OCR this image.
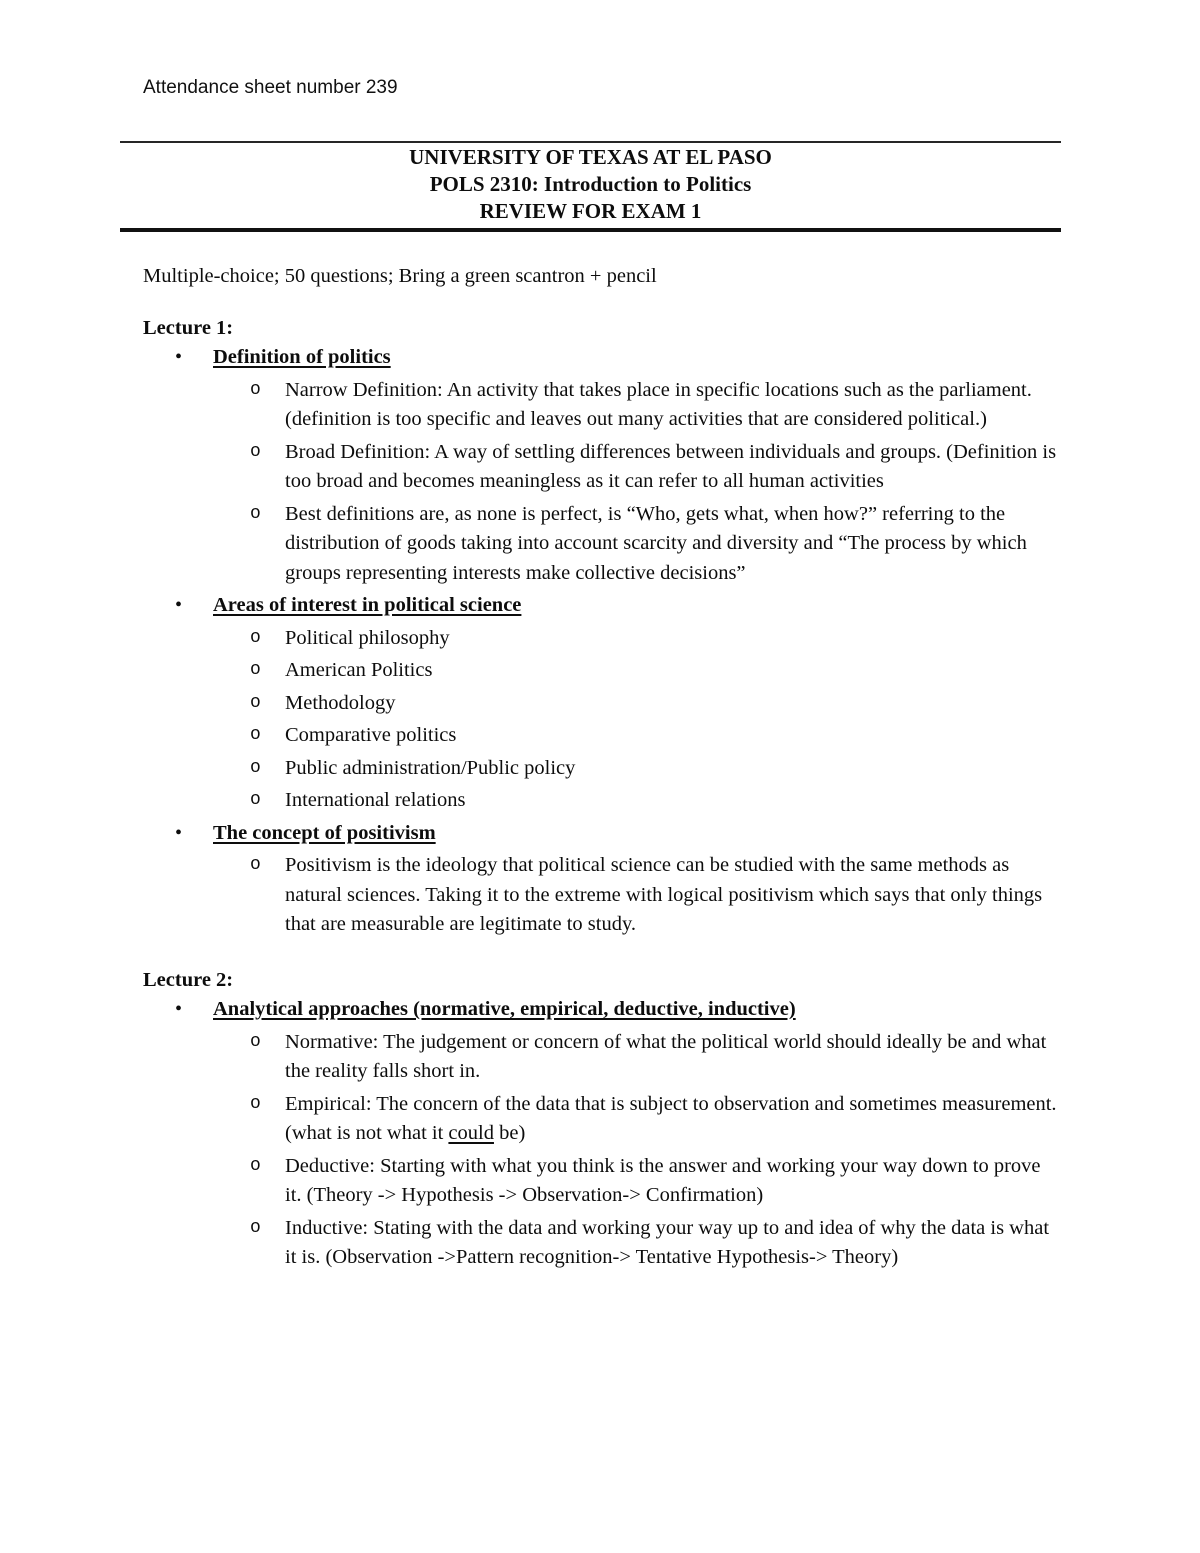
Attendance sheet number 239
UNIVERSITY OF TEXAS AT EL PASO
POLS 2310: Introduction to Politics
REVIEW FOR EXAM 1
Multiple-choice; 50 questions; Bring a green scantron + pencil
Lecture 1:
•	Definition of politics
o	Narrow Definition: An activity that takes place in specific locations such as the parliament. (definition is too specific and leaves out many activities that are considered political.)
o	Broad Definition: A way of settling differences between individuals and groups. (Definition is too broad and becomes meaningless as it can refer to all human activities
o	Best definitions are, as none is perfect, is “Who, gets what, when how?” referring to the distribution of goods taking into account scarcity and diversity and “The process by which groups representing interests make collective decisions”
•	Areas of interest in political science
o	Political philosophy
o	American Politics
o	Methodology
o	Comparative politics
o	Public administration/Public policy
o	International relations
•	The concept of positivism
o	Positivism is the ideology that political science can be studied with the same methods as natural sciences. Taking it to the extreme with logical positivism which says that only things that are measurable are legitimate to study.
Lecture 2:
•	Analytical approaches (normative, empirical, deductive, inductive)
o	Normative: The judgement or concern of what the political world should ideally be and what the reality falls short in.
o	Empirical: The concern of the data that is subject to observation and sometimes measurement. (what is not what it could be)
o	Deductive: Starting with what you think is the answer and working your way down to prove it. (Theory -> Hypothesis -> Observation-> Confirmation)
o	Inductive: Stating with the data and working your way up to and idea of why the data is what it is. (Observation ->Pattern recognition-> Tentative Hypothesis-> Theory)
